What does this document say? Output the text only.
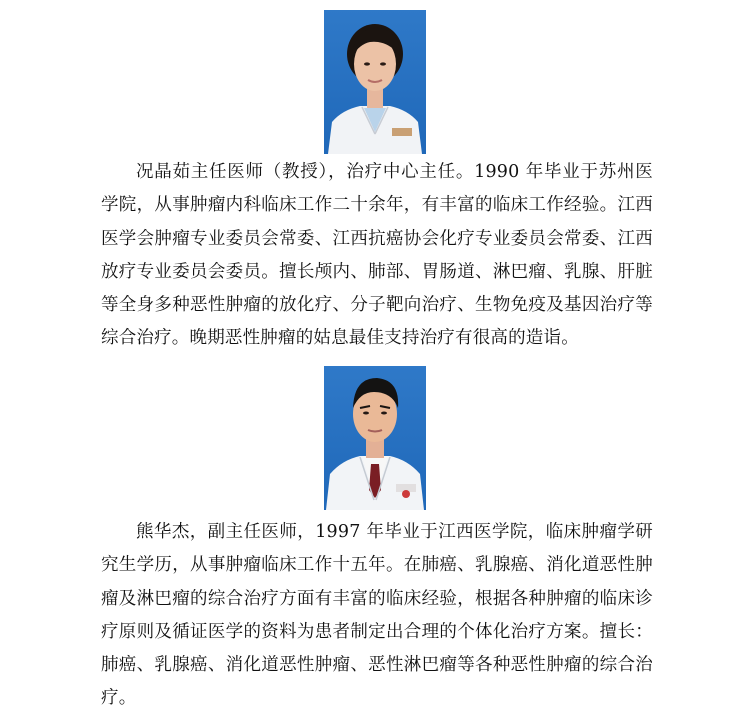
况晶茹主任医师（教授），治疗中心主任。1990 年毕业于苏州医学院，从事肿瘤内科临床工作二十余年，有丰富的临床工作经验。江西医学会肿瘤专业委员会常委、江西抗癌协会化疗专业委员会常委、江西放疗专业委员会委员。擅长颅内、肺部、胃肠道、淋巴瘤、乳腺、肝脏等全身多种恶性肿瘤的放化疗、分子靶向治疗、生物免疫及基因治疗等综合治疗。晚期恶性肿瘤的姑息最佳支持治疗有很高的造诣。

熊华杰，副主任医师，1997 年毕业于江西医学院，临床肿瘤学研究生学历，从事肿瘤临床工作十五年。在肺癌、乳腺癌、消化道恶性肿瘤及淋巴瘤的综合治疗方面有丰富的临床经验，根据各种肿瘤的临床诊疗原则及循证医学的资料为患者制定出合理的个体化治疗方案。擅长：肺癌、乳腺癌、消化道恶性肿瘤、恶性淋巴瘤等各种恶性肿瘤的综合治疗。
